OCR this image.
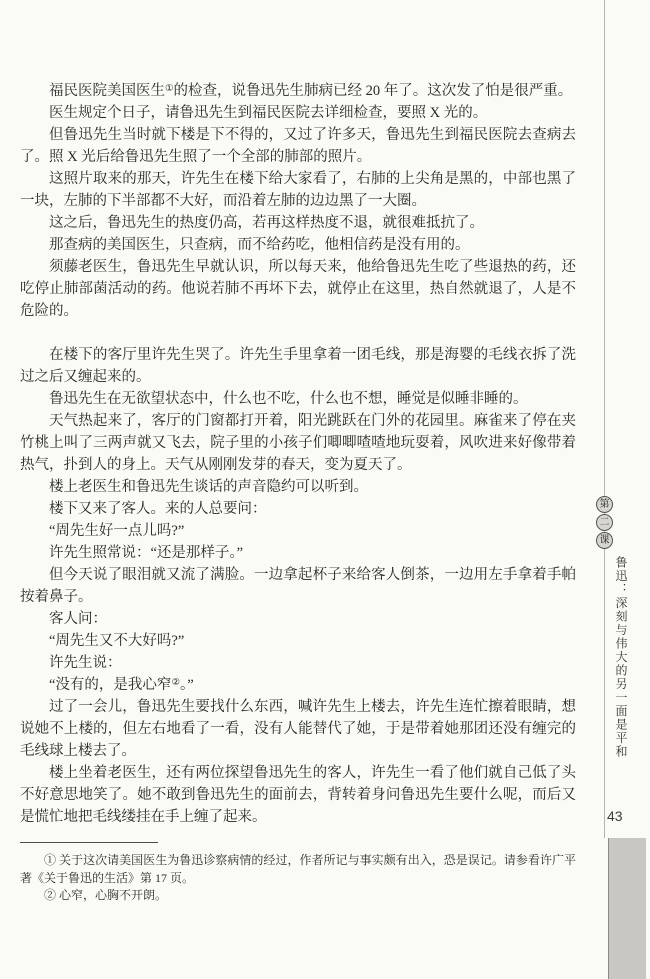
福民医院美国医生①的检查，说鲁迅先生肺病已经 20 年了。这次发了怕是很严重。

医生规定个日子，请鲁迅先生到福民医院去详细检查，要照 X 光的。

但鲁迅先生当时就下楼是下不得的，又过了许多天，鲁迅先生到福民医院去查病去了。照 X 光后给鲁迅先生照了一个全部的肺部的照片。

这照片取来的那天，许先生在楼下给大家看了，右肺的上尖角是黑的，中部也黑了一块，左肺的下半部都不大好，而沿着左肺的边边黑了一大圈。

这之后，鲁迅先生的热度仍高，若再这样热度不退，就很难抵抗了。

那查病的美国医生，只查病，而不给药吃，他相信药是没有用的。

须藤老医生，鲁迅先生早就认识，所以每天来，他给鲁迅先生吃了些退热的药，还吃停止肺部菌活动的药。他说若肺不再坏下去，就停止在这里，热自然就退了，人是不危险的。

在楼下的客厅里许先生哭了。许先生手里拿着一团毛线，那是海婴的毛线衣拆了洗过之后又缠起来的。

鲁迅先生在无欲望状态中，什么也不吃，什么也不想，睡觉是似睡非睡的。

天气热起来了，客厅的门窗都打开着，阳光跳跃在门外的花园里。麻雀来了停在夹竹桃上叫了三两声就又飞去，院子里的小孩子们唧唧喳喳地玩耍着，风吹进来好像带着热气，扑到人的身上。天气从刚刚发芽的春天，变为夏天了。

楼上老医生和鲁迅先生谈话的声音隐约可以听到。

楼下又来了客人。来的人总要问：

“周先生好一点儿吗?”

许先生照常说：“还是那样子。”

但今天说了眼泪就又流了满脸。一边拿起杯子来给客人倒茶，一边用左手拿着手帕按着鼻子。

客人问：

“周先生又不大好吗?”

许先生说：

“没有的，是我心窄②。”

过了一会儿，鲁迅先生要找什么东西，喊许先生上楼去，许先生连忙擦着眼睛，想说她不上楼的，但左右地看了一看，没有人能替代了她，于是带着她那团还没有缠完的毛线球上楼去了。

楼上坐着老医生，还有两位探望鲁迅先生的客人，许先生一看了他们就自己低了头不好意思地笑了。她不敢到鲁迅先生的面前去，背转着身问鲁迅先生要什么呢，而后又是慌忙地把毛线缕挂在手上缠了起来。

① 关于这次请美国医生为鲁迅诊察病情的经过，作者所记与事实颇有出入，恐是误记。请参看许广平著《关于鲁迅的生活》第 17 页。

② 心窄，心胸不开朗。

第
二
课
鲁迅：深刻与伟大的另一面是平和
43
